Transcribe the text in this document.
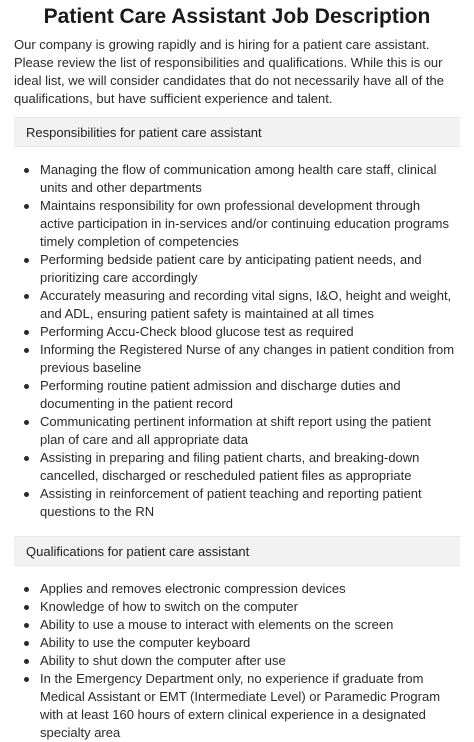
Patient Care Assistant Job Description

Our company is growing rapidly and is hiring for a patient care assistant. Please review the list of responsibilities and qualifications. While this is our ideal list, we will consider candidates that do not necessarily have all of the qualifications, but have sufficient experience and talent.

Responsibilities for patient care assistant
Managing the flow of communication among health care staff, clinical units and other departments
Maintains responsibility for own professional development through active participation in in-services and/or continuing education programs timely completion of competencies
Performing bedside patient care by anticipating patient needs, and prioritizing care accordingly
Accurately measuring and recording vital signs, I&O, height and weight, and ADL, ensuring patient safety is maintained at all times
Performing Accu-Check blood glucose test as required
Informing the Registered Nurse of any changes in patient condition from previous baseline
Performing routine patient admission and discharge duties and documenting in the patient record
Communicating pertinent information at shift report using the patient plan of care and all appropriate data
Assisting in preparing and filing patient charts, and breaking-down cancelled, discharged or rescheduled patient files as appropriate
Assisting in reinforcement of patient teaching and reporting patient questions to the RN
Qualifications for patient care assistant
Applies and removes electronic compression devices
Knowledge of how to switch on the computer
Ability to use a mouse to interact with elements on the screen
Ability to use the computer keyboard
Ability to shut down the computer after use
In the Emergency Department only, no experience if graduate from Medical Assistant or EMT (Intermediate Level) or Paramedic Program with at least 160 hours of extern clinical experience in a designated specialty area
